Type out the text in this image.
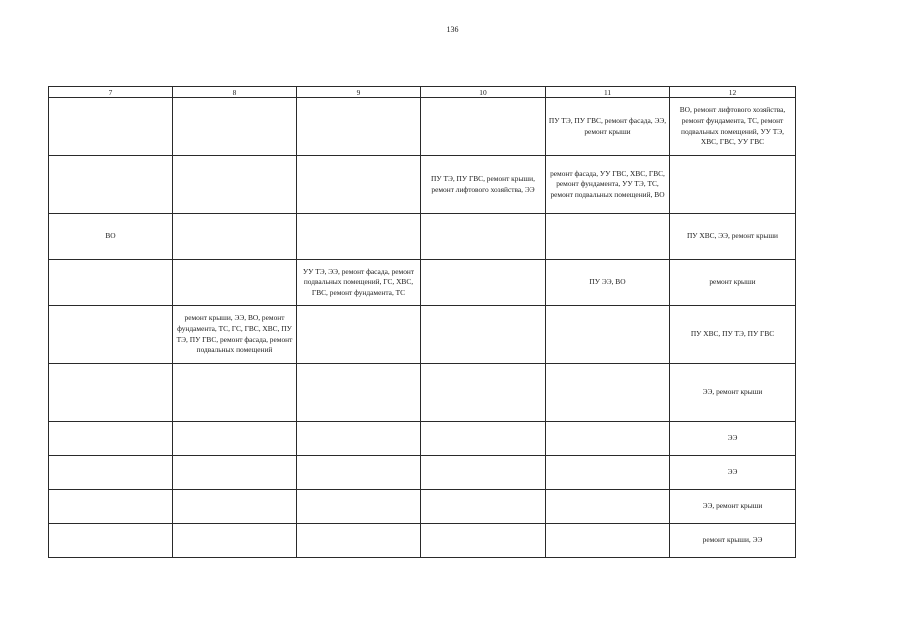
136
7	8	9	10	11	12
				ПУ ТЭ, ПУ ГВС, ремонт фасада, ЭЭ, ремонт крыши	ВО, ремонт лифтового хозяйства, ремонт фундамента, ТС, ремонт подвальных помещений, УУ ТЭ, ХВС, ГВС, УУ ГВС
			ПУ ТЭ, ПУ ГВС, ремонт крыши, ремонт лифтового хозяйства, ЭЭ	ремонт фасада, УУ ГВС, ХВС, ГВС, ремонт фундамента, УУ ТЭ, ТС, ремонт подвальных помещений, ВО	
ВО					ПУ ХВС, ЭЭ, ремонт крыши
		УУ ТЭ, ЭЭ, ремонт фасада, ремонт подвальных помещений, ГС, ХВС, ГВС, ремонт фундамента, ТС		ПУ ЭЭ, ВО	ремонт крыши
	ремонт крыши, ЭЭ, ВО, ремонт фундамента, ТС, ГС, ГВС, ХВС, ПУ ТЭ, ПУ ГВС, ремонт фасада, ремонт подвальных помещений				ПУ ХВС, ПУ ТЭ, ПУ ГВС
					ЭЭ, ремонт крыши
					ЭЭ
					ЭЭ
					ЭЭ, ремонт крыши
					ремонт крыши, ЭЭ
